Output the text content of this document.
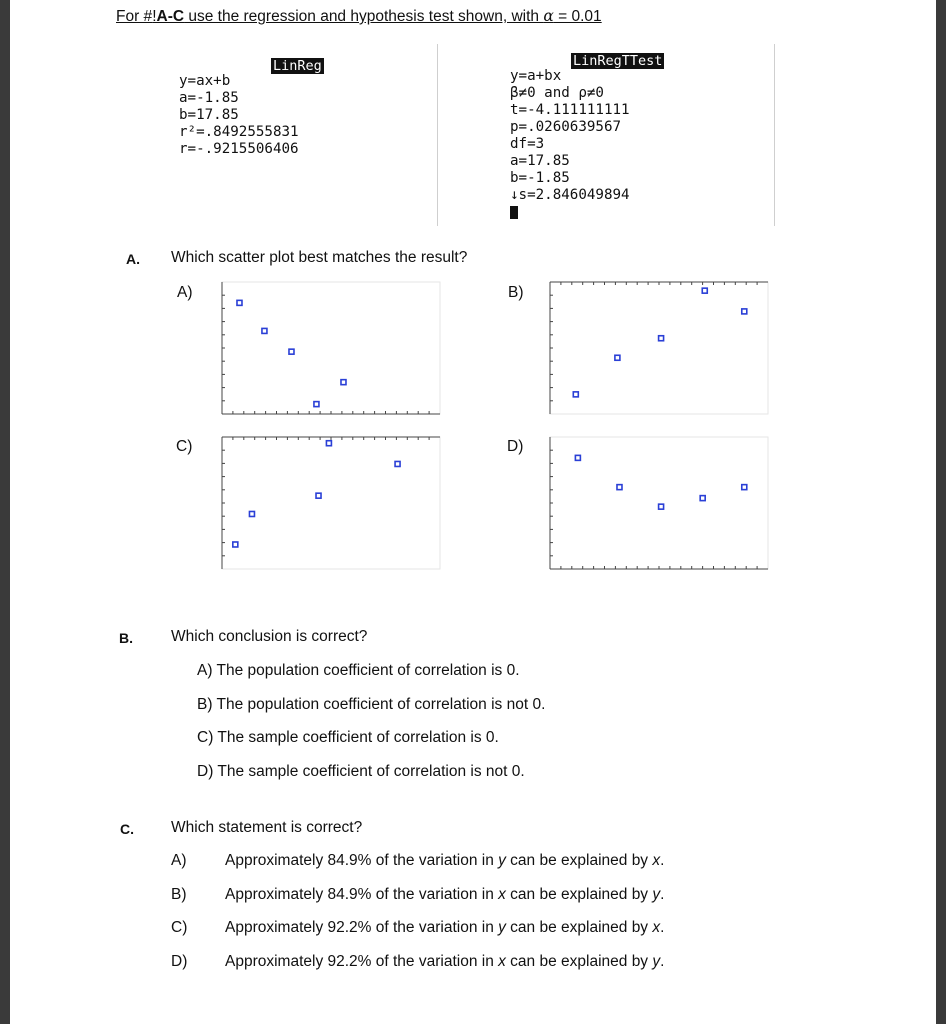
For #!A-C use the regression and hypothesis test shown, with α = 0.01
LinReg
y=ax+b
a=-1.85
b=17.85
r²=.8492555831
r=-.9215506406
LinRegTTest
y=a+bx
β≠0 and ρ≠0
t=-4.111111111
p=.0260639567
df=3
a=17.85
b=-1.85
↓s=2.846049894
A. Which scatter plot best matches the result?
A)	B)
C)	D)
B. Which conclusion is correct?
A) The population coefficient of correlation is 0.
B) The population coefficient of correlation is not 0.
C) The sample coefficient of correlation is 0.
D) The sample coefficient of correlation is not 0.
C. Which statement is correct?
A) Approximately 84.9% of the variation in y can be explained by x.
B) Approximately 84.9% of the variation in x can be explained by y.
C) Approximately 92.2% of the variation in y can be explained by x.
D) Approximately 92.2% of the variation in x can be explained by y.
